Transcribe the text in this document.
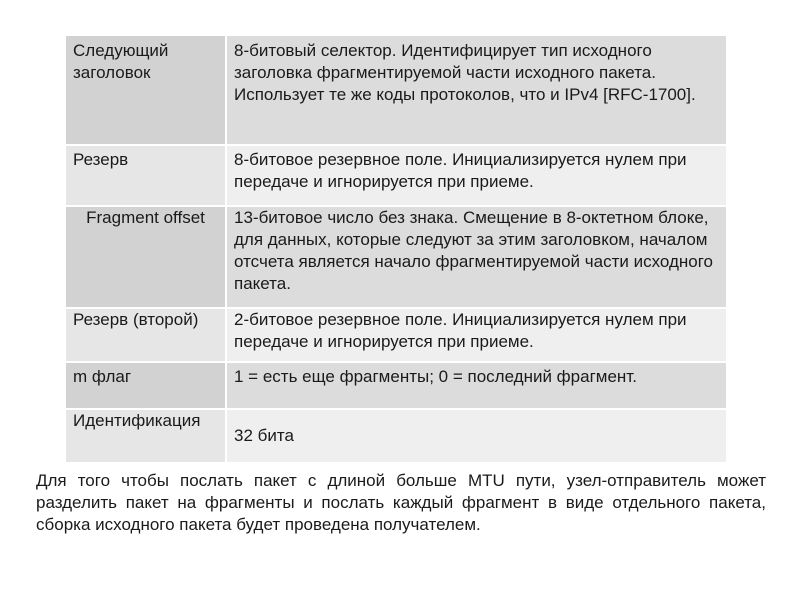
Следующий заголовок	8-битовый селектор. Идентифицирует тип исходного заголовка фрагментируемой части исходного пакета. Использует те же коды протоколов, что и IPv4 [RFC-1700].
Резерв	8-битовое резервное поле. Инициализируется нулем при передаче и игнорируется при приеме.
Fragment offset	13-битовое число без знака. Смещение в 8-октетном блоке, для данных, которые следуют за этим заголовком, началом отсчета является начало фрагментируемой части исходного пакета.
Резерв (второй)	2-битовое резервное поле. Инициализируется нулем при передаче и игнорируется при приеме.
m флаг	1 = есть еще фрагменты; 0 = последний фрагмент.
Идентификация	32 бита

Для того чтобы послать пакет с длиной больше MTU пути, узел-отправитель может разделить пакет на фрагменты и послать каждый фрагмент в виде отдельного пакета, сборка исходного пакета будет проведена получателем.
